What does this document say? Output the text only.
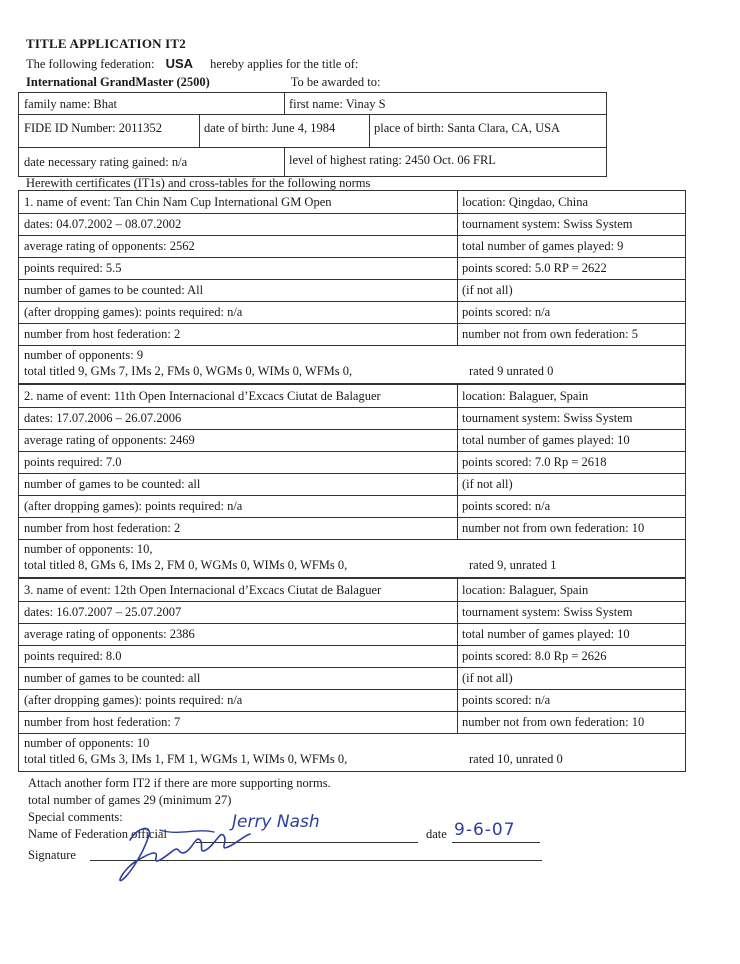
TITLE APPLICATION IT2
The following federation: USA hereby applies for the title of:
International GrandMaster (2500)	To be awarded to:
family name: Bhat	first name: Vinay S
FIDE ID Number: 2011352	date of birth: June 4, 1984	place of birth: Santa Clara, CA, USA
date necessary rating gained: n/a	level of highest rating: 2450 Oct. 06 FRL
Herewith certificates (IT1s) and cross-tables for the following norms
1. name of event: Tan Chin Nam Cup International GM Open	location: Qingdao, China
dates: 04.07.2002 – 08.07.2002	tournament system: Swiss System
average rating of opponents: 2562	total number of games played: 9
points required: 5.5	points scored: 5.0 RP = 2622
number of games to be counted: All	(if not all)
(after dropping games): points required: n/a	points scored: n/a
number from host federation: 2	number not from own federation: 5
number of opponents: 9
total titled 9, GMs 7, IMs 2, FMs 0, WGMs 0, WIMs 0, WFMs 0,	rated 9 unrated 0
2. name of event: 11th Open Internacional d’Excacs Ciutat de Balaguer	location: Balaguer, Spain
dates: 17.07.2006 – 26.07.2006	tournament system: Swiss System
average rating of opponents: 2469	total number of games played: 10
points required: 7.0	points scored: 7.0 Rp = 2618
number of games to be counted: all	(if not all)
(after dropping games): points required: n/a	points scored: n/a
number from host federation: 2	number not from own federation: 10
number of opponents: 10,
total titled 8, GMs 6, IMs 2, FM 0, WGMs 0, WIMs 0, WFMs 0,	rated 9, unrated 1
3. name of event: 12th Open Internacional d’Excacs Ciutat de Balaguer	location: Balaguer, Spain
dates: 16.07.2007 – 25.07.2007	tournament system: Swiss System
average rating of opponents: 2386	total number of games played: 10
points required: 8.0	points scored: 8.0 Rp = 2626
number of games to be counted: all	(if not all)
(after dropping games): points required: n/a	points scored: n/a
number from host federation: 7	number not from own federation: 10
number of opponents: 10
total titled 6, GMs 3, IMs 1, FM 1, WGMs 1, WIMs 0, WFMs 0,	rated 10, unrated 0
Attach another form IT2 if there are more supporting norms.
total number of games 29 (minimum 27)
Special comments:
Name of Federation official
Jerry Nash
date 9-6-07
Signature
